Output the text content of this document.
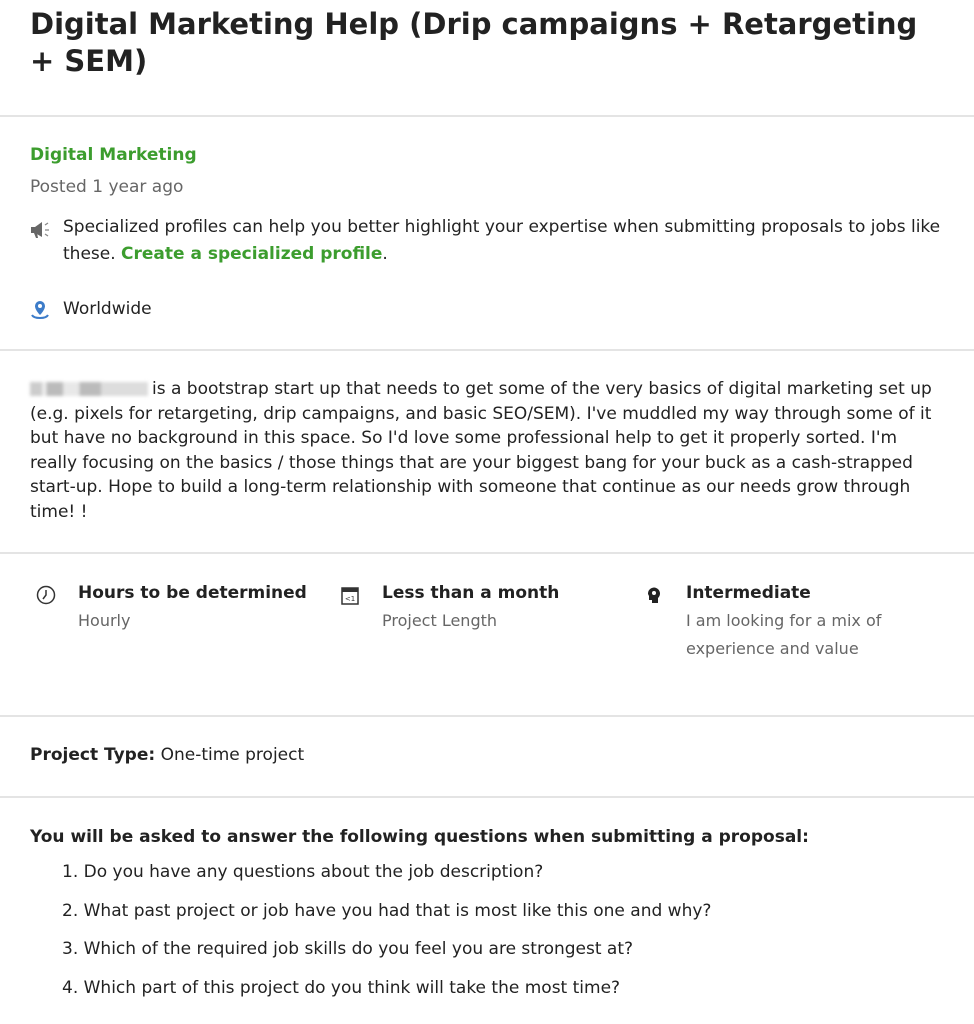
Digital Marketing Help (Drip campaigns + Retargeting + SEM)
Digital Marketing
Posted 1 year ago
Specialized profiles can help you better highlight your expertise when submitting proposals to jobs like these. Create a specialized profile.
Worldwide
is a bootstrap start up that needs to get some of the very basics of digital marketing set up (e.g. pixels for retargeting, drip campaigns, and basic SEO/SEM). I've muddled my way through some of it but have no background in this space. So I'd love some professional help to get it properly sorted. I'm really focusing on the basics / those things that are your biggest bang for your buck as a cash-strapped start-up. Hope to build a long-term relationship with someone that continue as our needs grow through time! !
Hours to be determined
Hourly
<1 Less than a month
Project Length
Intermediate
I am looking for a mix of experience and value
Project Type: One-time project
You will be asked to answer the following questions when submitting a proposal:
1. Do you have any questions about the job description?
2. What past project or job have you had that is most like this one and why?
3. Which of the required job skills do you feel you are strongest at?
4. Which part of this project do you think will take the most time?
